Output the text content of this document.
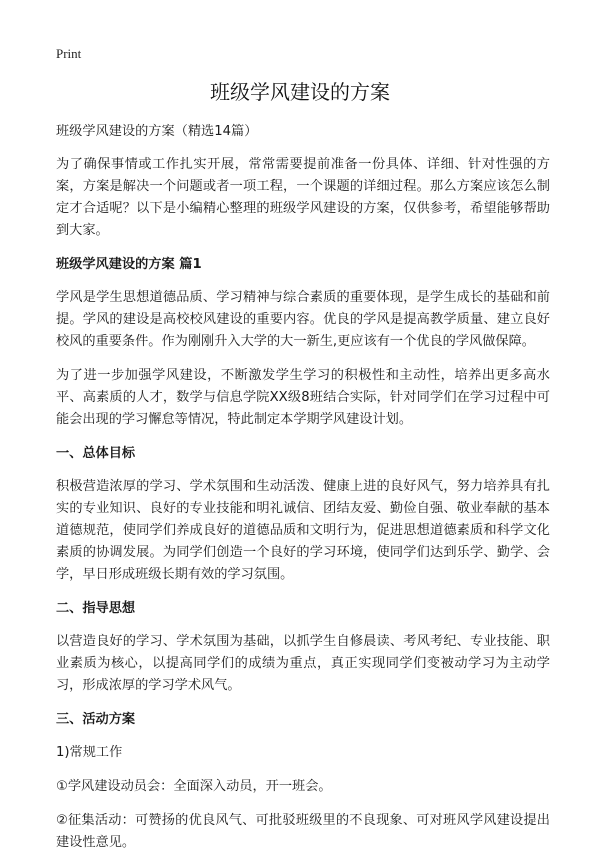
Print
班级学风建设的方案

班级学风建设的方案（精选14篇）

为了确保事情或工作扎实开展，常常需要提前准备一份具体、详细、针对性强的方案，方案是解决一个问题或者一项工程，一个课题的详细过程。那么方案应该怎么制定才合适呢？以下是小编精心整理的班级学风建设的方案，仅供参考，希望能够帮助到大家。

班级学风建设的方案 篇1

学风是学生思想道德品质、学习精神与综合素质的重要体现，是学生成长的基础和前提。学风的建设是高校校风建设的重要内容。优良的学风是提高教学质量、建立良好校风的重要条件。作为刚刚升入大学的大一新生,更应该有一个优良的学风做保障。

为了进一步加强学风建设，不断激发学生学习的积极性和主动性，培养出更多高水平、高素质的人才，数学与信息学院XX级8班结合实际，针对同学们在学习过程中可能会出现的学习懈怠等情况，特此制定本学期学风建设计划。

一、总体目标

积极营造浓厚的学习、学术氛围和生动活泼、健康上进的良好风气，努力培养具有扎实的专业知识、良好的专业技能和明礼诚信、团结友爱、勤俭自强、敬业奉献的基本道德规范，使同学们养成良好的道德品质和文明行为，促进思想道德素质和科学文化素质的协调发展。为同学们创造一个良好的学习环境，使同学们达到乐学、勤学、会学，早日形成班级长期有效的学习氛围。

二、指导思想

以营造良好的学习、学术氛围为基础，以抓学生自修晨读、考风考纪、专业技能、职业素质为核心，以提高同学们的成绩为重点，真正实现同学们变被动学习为主动学习，形成浓厚的学习学术风气。

三、活动方案

1)常规工作

①学风建设动员会：全面深入动员，开一班会。

②征集活动：可赞扬的优良风气、可批驳班级里的不良现象、可对班风学风建设提出建设性意见。
